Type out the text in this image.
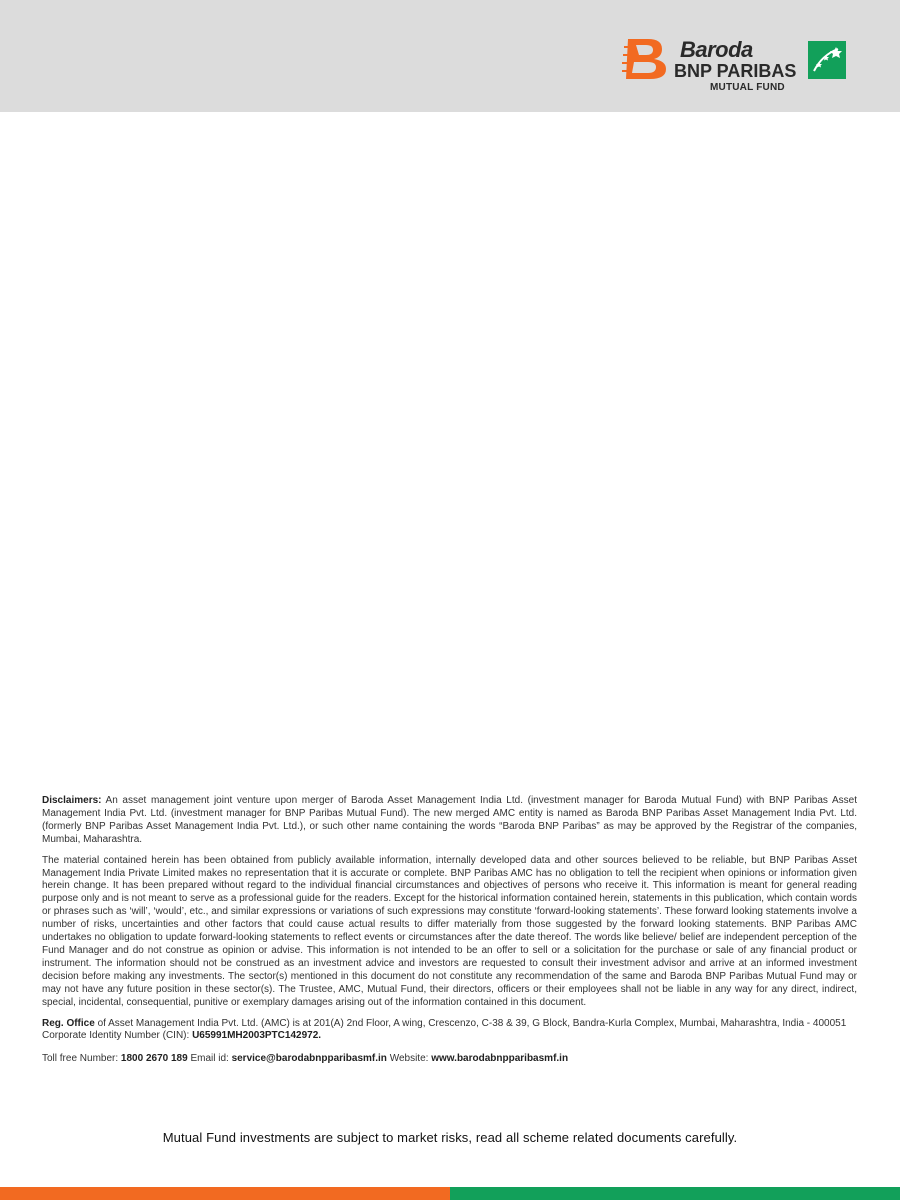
Baroda
BNP PARIBAS
MUTUAL FUND

Disclaimers: An asset management joint venture upon merger of Baroda Asset Management India Ltd. (investment manager for Baroda Mutual Fund) with BNP Paribas Asset Management India Pvt. Ltd. (investment manager for BNP Paribas Mutual Fund). The new merged AMC entity is named as Baroda BNP Paribas Asset Management India Pvt. Ltd. (formerly BNP Paribas Asset Management India Pvt. Ltd.), or such other name containing the words “Baroda BNP Paribas” as may be approved by the Registrar of the companies, Mumbai, Maharashtra.

The material contained herein has been obtained from publicly available information, internally developed data and other sources believed to be reliable, but BNP Paribas Asset Management India Private Limited makes no representation that it is accurate or complete. BNP Paribas AMC has no obligation to tell the recipient when opinions or information given herein change. It has been prepared without regard to the individual financial circumstances and objectives of persons who receive it. This information is meant for general reading purpose only and is not meant to serve as a professional guide for the readers. Except for the historical information contained herein, statements in this publication, which contain words or phrases such as ‘will’, ‘would’, etc., and similar expressions or variations of such expressions may constitute ‘forward-looking statements’. These forward looking statements involve a number of risks, uncertainties and other factors that could cause actual results to differ materially from those suggested by the forward looking statements. BNP Paribas AMC undertakes no obligation to update forward-looking statements to reflect events or circumstances after the date thereof. The words like believe/ belief are independent perception of the Fund Manager and do not construe as opinion or advise. This information is not intended to be an offer to sell or a solicitation for the purchase or sale of any financial product or instrument. The information should not be construed as an investment advice and investors are requested to consult their investment advisor and arrive at an informed investment decision before making any investments. The sector(s) mentioned in this document do not constitute any recommendation of the same and Baroda BNP Paribas Mutual Fund may or may not have any future position in these sector(s). The Trustee, AMC, Mutual Fund, their directors, officers or their employees shall not be liable in any way for any direct, indirect, special, incidental, consequential, punitive or exemplary damages arising out of the information contained in this document.

Reg. Office of Asset Management India Pvt. Ltd. (AMC) is at 201(A) 2nd Floor, A wing, Crescenzo, C-38 & 39, G Block, Bandra-Kurla Complex, Mumbai, Maharashtra, India - 400051
Corporate Identity Number (CIN): U65991MH2003PTC142972.

Toll free Number: 1800 2670 189 Email id: service@barodabnpparibasmf.in Website: www.barodabnpparibasmf.in

Mutual Fund investments are subject to market risks, read all scheme related documents carefully.
